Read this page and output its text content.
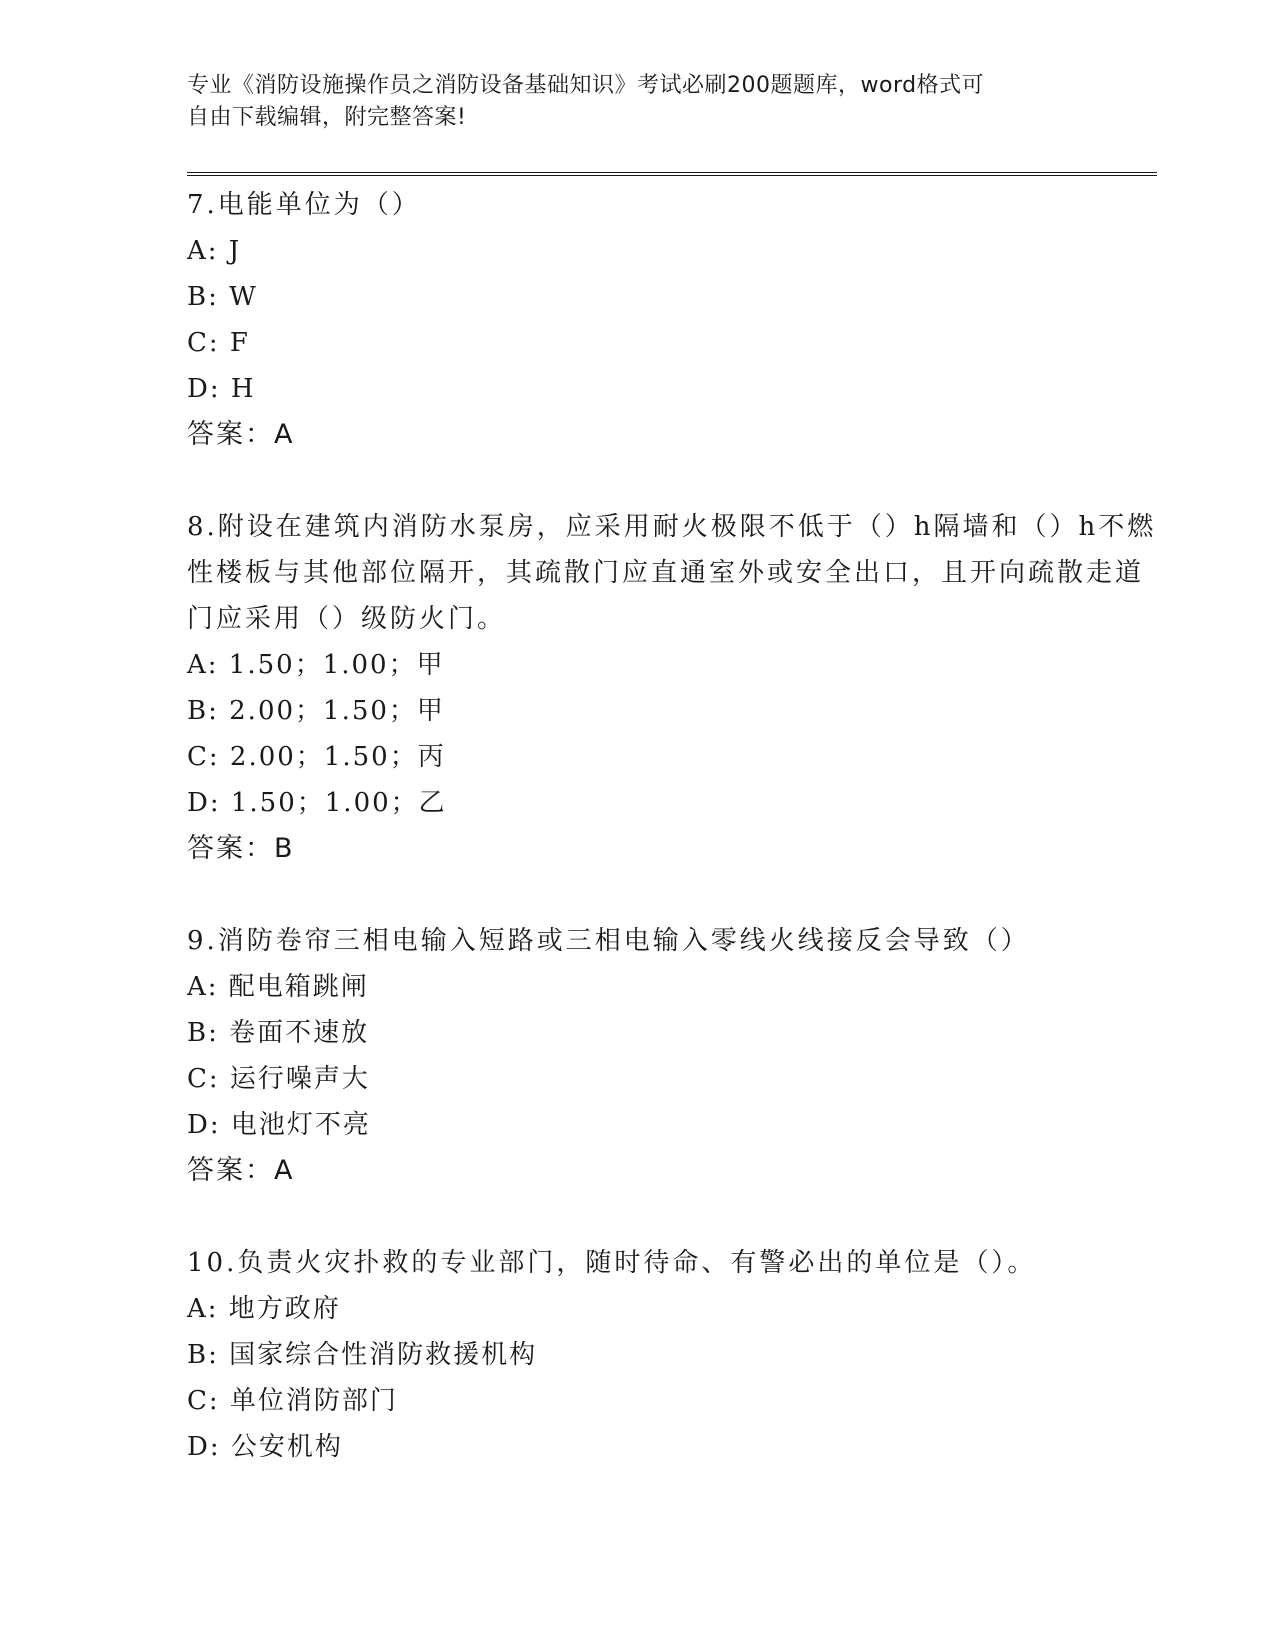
专业《消防设施操作员之消防设备基础知识》考试必刷200题题库，word格式可
自由下载编辑，附完整答案!

7.电能单位为（）

A: J

B: W

C: F

D: H

答案：A

8.附设在建筑内消防水泵房，应采用耐火极限不低于（）h隔墙和（）h不燃性楼板与其他部位隔开，其疏散门应直通室外或安全出口，且开向疏散走道门应采用（）级防火门。

A: 1.50；1.00；甲

B: 2.00；1.50；甲

C: 2.00；1.50；丙

D: 1.50；1.00；乙

答案：B

9.消防卷帘三相电输入短路或三相电输入零线火线接反会导致（）

A: 配电箱跳闸

B: 卷面不速放

C: 运行噪声大

D: 电池灯不亮

答案：A

10.负责火灾扑救的专业部门，随时待命、有警必出的单位是（）。

A: 地方政府

B: 国家综合性消防救援机构

C: 单位消防部门

D: 公安机构
